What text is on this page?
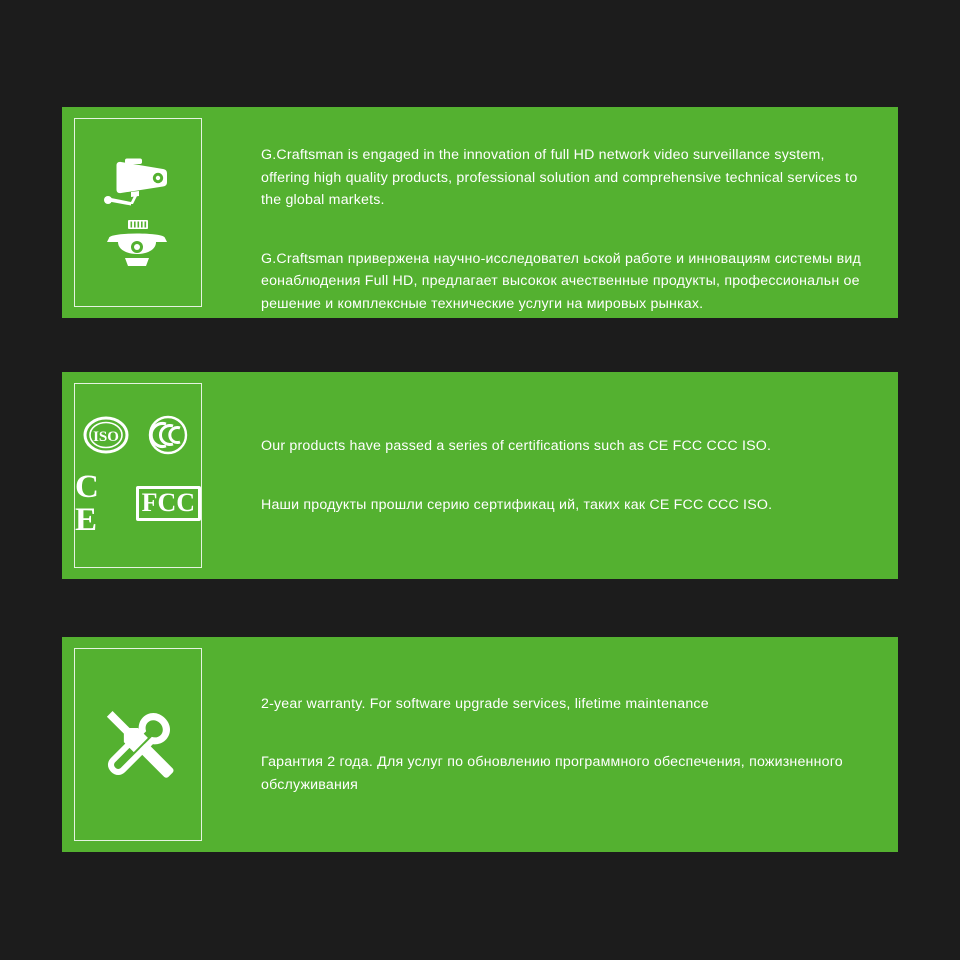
G.Craftsman is engaged in the innovation of full HD network video surveillance system, offering high quality products, professional solution and comprehensive technical services to the global markets.

G.Craftsman привержена научно-исследовател ьской работе и инновациям системы вид еонаблюдения Full HD, предлагает высокок ачественные продукты, профессиональн ое решение и комплексные технические услуги на мировых рынках.

ISO
C E	FCC

Our products have passed a series of certifications such as CE FCC CCC ISO.

Наши продукты прошли серию сертификац ий, таких как CE FCC CCC ISO.

2-year warranty. For software upgrade services, lifetime maintenance

Гарантия 2 года. Для услуг по обновлению программного обеспечения, пожизненного обслуживания
